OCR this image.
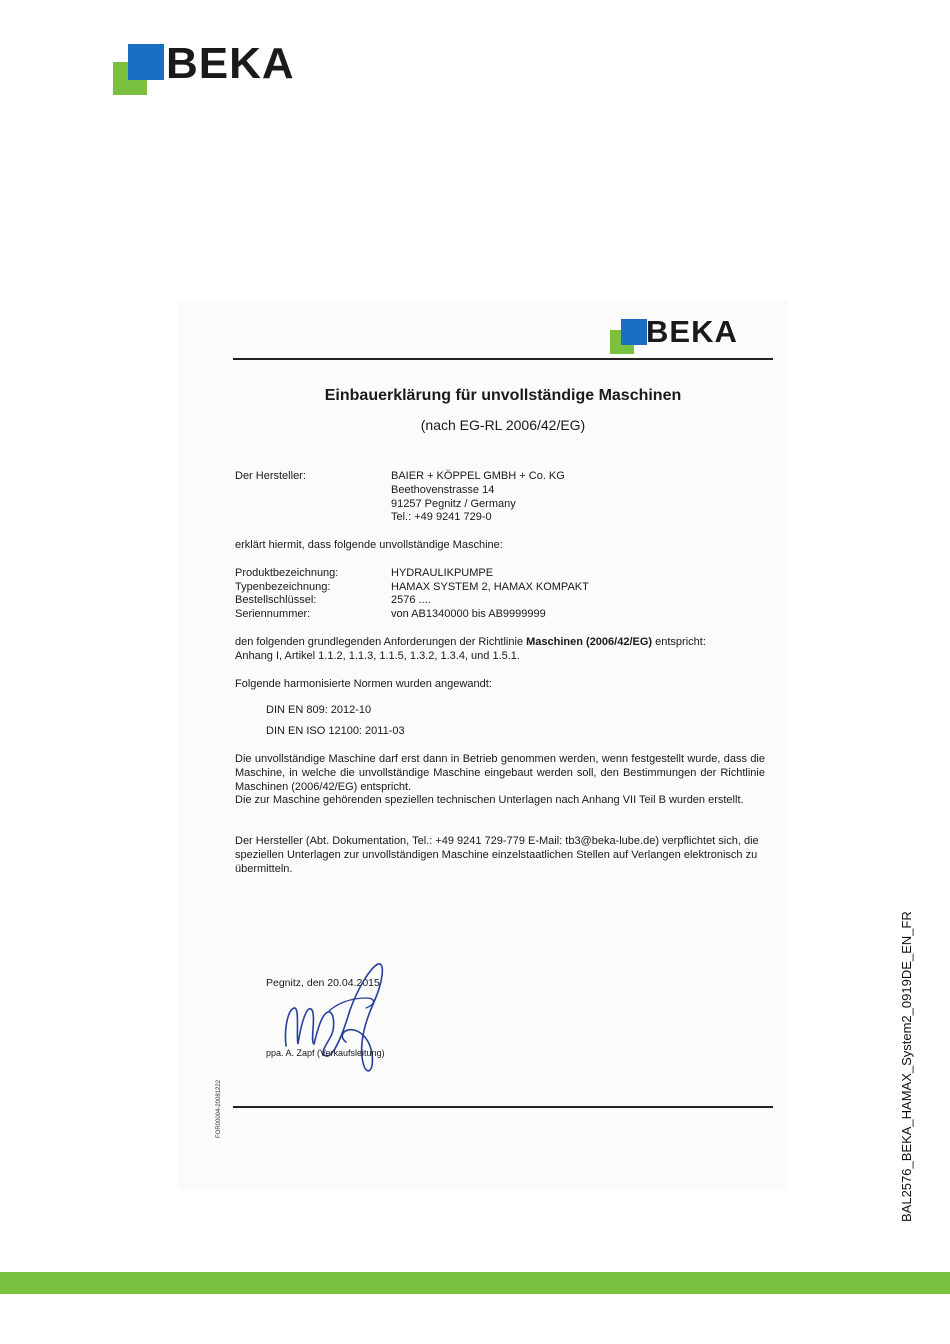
BEKA
BEKA
Einbauerklärung für unvollständige Maschinen
(nach EG-RL 2006/42/EG)
Der Hersteller:	BAIER + KÖPPEL GMBH + Co. KG
Beethovenstrasse 14
91257 Pegnitz / Germany
Tel.: +49 9241 729-0
erklärt hiermit, dass folgende unvollständige Maschine:
Produktbezeichnung:	HYDRAULIKPUMPE
Typenbezeichnung:	HAMAX SYSTEM 2, HAMAX KOMPAKT
Bestellschlüssel:	2576 ....
Seriennummer:	von AB1340000 bis AB9999999
den folgenden grundlegenden Anforderungen der Richtlinie Maschinen (2006/42/EG) entspricht:
Anhang I, Artikel 1.1.2, 1.1.3, 1.1.5, 1.3.2, 1.3.4, und 1.5.1.
Folgende harmonisierte Normen wurden angewandt:
DIN EN 809: 2012-10
DIN EN ISO 12100: 2011-03
Die unvollständige Maschine darf erst dann in Betrieb genommen werden, wenn festgestellt wurde, dass die Maschine, in welche die unvollständige Maschine eingebaut werden soll, den Bestimmungen der Richtlinie Maschinen (2006/42/EG) entspricht.
Die zur Maschine gehörenden speziellen technischen Unterlagen nach Anhang VII Teil B wurden erstellt.
Der Hersteller (Abt. Dokumentation, Tel.: +49 9241 729-779 E-Mail: tb3@beka-lube.de) verpflichtet sich, die speziellen Unterlagen zur unvollständigen Maschine einzelstaatlichen Stellen auf Verlangen elektronisch zu übermitteln.
Pegnitz, den 20.04.2015
ppa. A. Zapf (Verkaufsleitung)
FOR00004-20081222	BAL2576_BEKA_HAMAX_System2_0919DE_EN_FR
